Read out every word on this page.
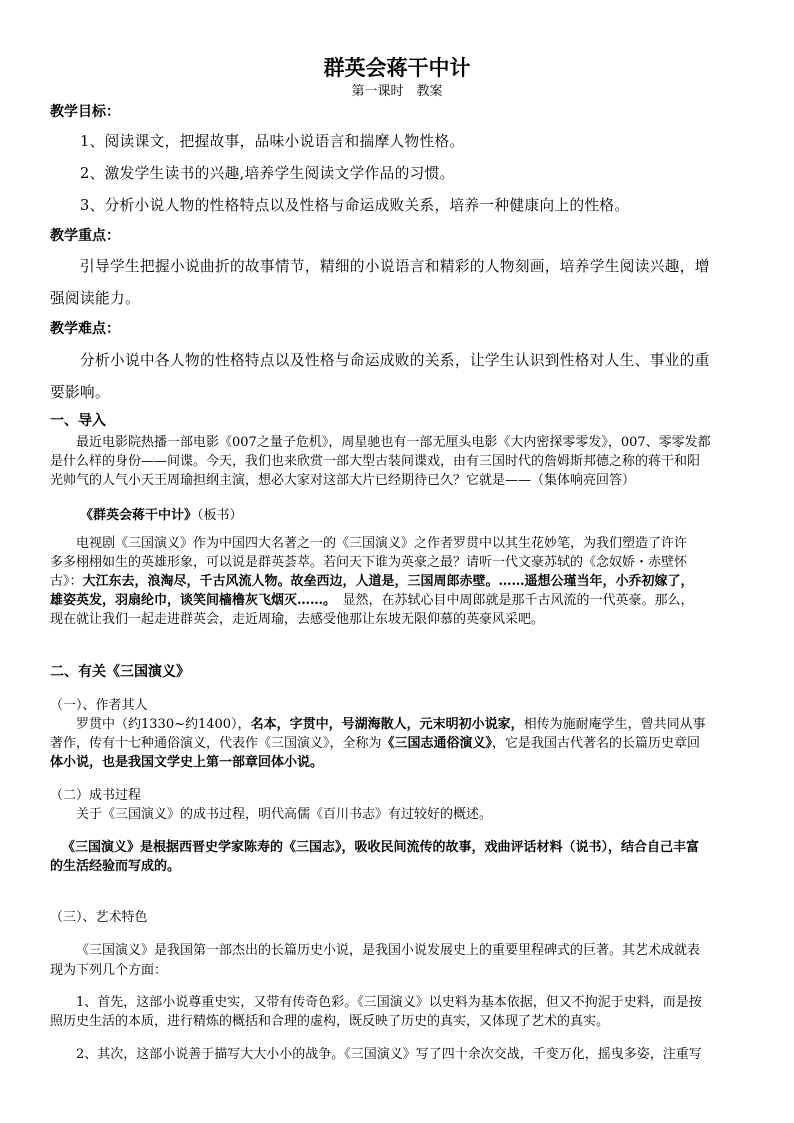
群英会蒋干中计
第一课时　教案
教学目标：
1、阅读课文，把握故事，品味小说语言和揣摩人物性格。
2、激发学生读书的兴趣,培养学生阅读文学作品的习惯。
3、分析小说人物的性格特点以及性格与命运成败关系，培养一种健康向上的性格。
教学重点：
引导学生把握小说曲折的故事情节，精细的小说语言和精彩的人物刻画，培养学生阅读兴趣，增
强阅读能力。
教学难点：
分析小说中各人物的性格特点以及性格与命运成败的关系，让学生认识到性格对人生、事业的重
要影响。
一、导入
最近电影院热播一部电影《007之量子危机》，周星驰也有一部无厘头电影《大内密探零零发》，007、零零发都
是什么样的身份——间谍。今天，我们也来欣赏一部大型古装间谍戏，由有三国时代的詹姆斯邦德之称的蒋干和阳
光帅气的人气小天王周瑜担纲主演，想必大家对这部大片已经期待已久？它就是——（集体响亮回答）
《群英会蒋干中计》（板书）
电视剧《三国演义》作为中国四大名著之一的《三国演义》之作者罗贯中以其生花妙笔，为我们塑造了许许
多多栩栩如生的英雄形象，可以说是群英荟萃。若问天下谁为英豪之最？请听一代文豪苏轼的《念奴娇・赤壁怀
古》：大江东去，浪淘尽，千古风流人物。故垒西边，人道是，三国周郎赤壁。……遥想公瑾当年，小乔初嫁了，
雄姿英发，羽扇纶巾，谈笑间樯橹灰飞烟灭……。　 显然，在苏轼心目中周郎就是那千古风流的一代英豪。那么，
现在就让我们一起走进群英会，走近周瑜，去感受他那让东坡无限仰慕的英豪风采吧。
二、有关《三国演义》
（一）、作者其人
罗贯中（约1330~约1400），名本，字贯中，号湖海散人，元末明初小说家，相传为施耐庵学生，曾共同从事
著作，传有十七种通俗演义，代表作《三国演义》，全称为《三国志通俗演义》，它是我国古代著名的长篇历史章回
体小说，也是我国文学史上第一部章回体小说。
（二）成书过程
关于《三国演义》的成书过程，明代高儒《百川书志》有过较好的概述。
《三国演义》是根据西晋史学家陈寿的《三国志》，吸收民间流传的故事，戏曲评话材料（说书），结合自己丰富
的生活经验而写成的。
（三）、艺术特色
《三国演义》是我国第一部杰出的长篇历史小说，是我国小说发展史上的重要里程碑式的巨著。其艺术成就表
现为下列几个方面：
1、首先，这部小说尊重史实，又带有传奇色彩。《三国演义》以史料为基本依据，但又不拘泥于史料，而是按
照历史生活的本质，进行精炼的概括和合理的虚构，既反映了历史的真实，又体现了艺术的真实。
2、其次，这部小说善于描写大大小小的战争。《三国演义》写了四十余次交战，千变万化，摇曳多姿，注重写
